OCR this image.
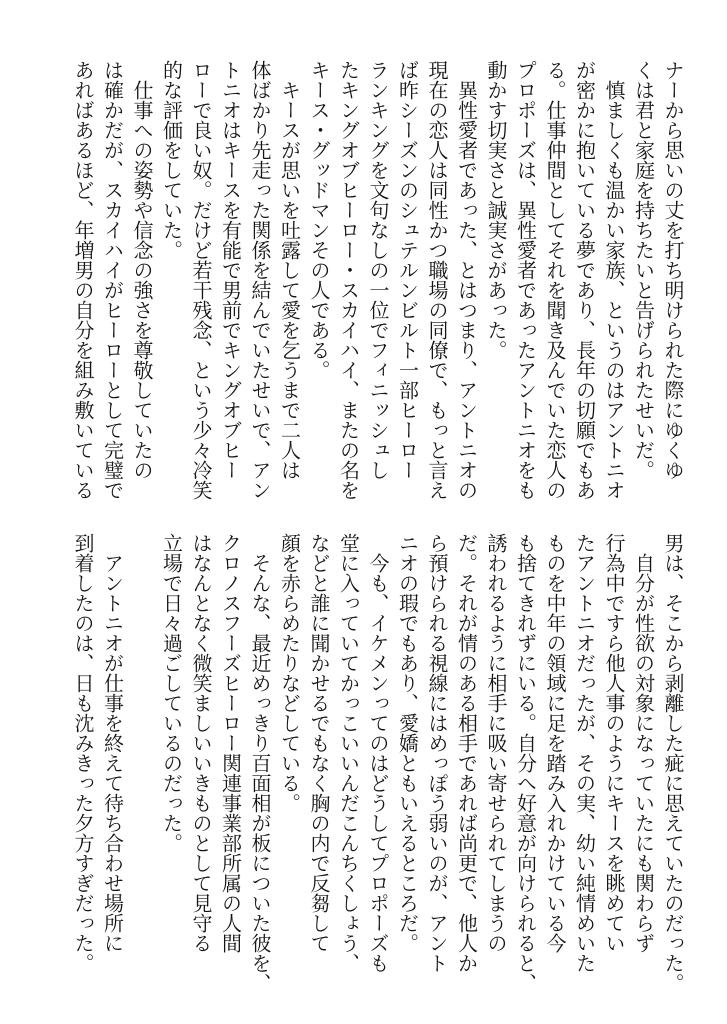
ナーから思いの丈を打ち明けられた際にゆくゆ
くは君と家庭を持ちたいと告げられたせいだ。
　慎ましくも温かい家族、というのはアントニオ
が密かに抱いている夢であり、長年の切願でもあ
る。仕事仲間としてそれを聞き及んでいた恋人の
プロポーズは、異性愛者であったアントニオをも
動かす切実さと誠実さがあった。
　異性愛者であった、とはつまり、アントニオの
現在の恋人は同性かつ職場の同僚で、もっと言え
ば昨シーズンのシュテルンビルト一部ヒーロー
ランキングを文句なしの一位でフィニッシュし
たキングオブヒーロー・スカイハイ、またの名を
キース・グッドマンその人である。
　キースが思いを吐露して愛を乞うまで二人は
体ばかり先走った関係を結んでいたせいで、アン
トニオはキースを有能で男前でキングオブヒー
ローで良い奴。だけど若干残念、という少々冷笑
的な評価をしていた。
　仕事への姿勢や信念の強さを尊敬していたの
は確かだが、スカイハイがヒーローとして完璧で
あればあるほど、年増男の自分を組み敷いている
男は、そこから剥離した疵に思えていたのだった。
　自分が性欲の対象になっていたにも関わらず
行為中ですら他人事のようにキースを眺めてい
たアントニオだったが、その実、幼い純情めいた
ものを中年の領域に足を踏み入れかけている今
も捨てきれずにいる。自分へ好意が向けられると、
誘われるように相手に吸い寄せられてしまうの
だ。それが情のある相手であれば尚更で、他人か
ら預けられる視線にはめっぽう弱いのが、アント
ニオの瑕でもあり、愛嬌ともいえるところだ。
　今も、イケメンってのはどうしてプロポーズも
堂に入っていてかっこいいんだこんちくしょう、
などと誰に聞かせるでもなく胸の内で反芻して
顔を赤らめたりなどしている。
　そんな、最近めっきり百面相が板についた彼を、
クロノスフーズヒーロー関連事業部所属の人間
はなんとなく微笑ましいいきものとして見守る
立場で日々過ごしているのだった。
　アントニオが仕事を終えて待ち合わせ場所に
到着したのは、日も沈みきった夕方すぎだった。
